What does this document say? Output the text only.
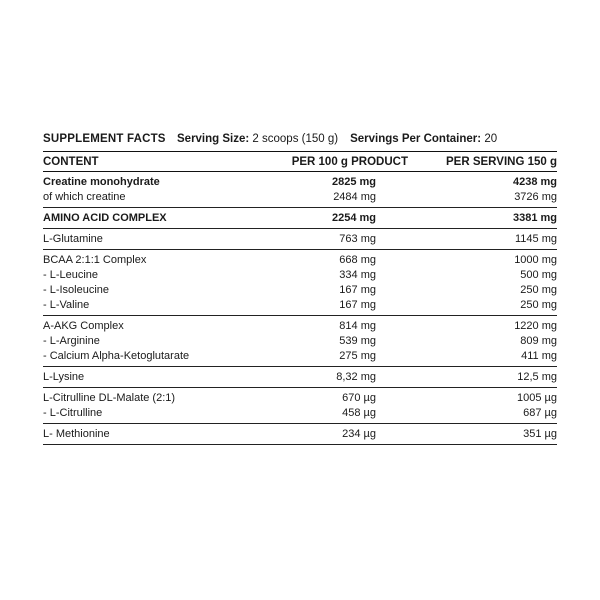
SUPPLEMENT FACTS Serving Size: 2 scoops (150 g) Servings Per Container: 20
CONTENT	PER 100 g PRODUCT	PER SERVING 150 g
Creatine monohydrate	2825 mg	4238 mg
of which creatine	2484 mg	3726 mg
AMINO ACID COMPLEX	2254 mg	3381 mg
L-Glutamine	763 mg	1145 mg
BCAA 2:1:1 Complex	668 mg	1000 mg
- L-Leucine	334 mg	500 mg
- L-Isoleucine	167 mg	250 mg
- L-Valine	167 mg	250 mg
A-AKG Complex	814 mg	1220 mg
- L-Arginine	539 mg	809 mg
- Calcium Alpha-Ketoglutarate	275 mg	411 mg
L-Lysine	8,32 mg	12,5 mg
L-Citrulline DL-Malate (2:1)	670 µg	1005 µg
- L-Citrulline	458 µg	687 µg
L- Methionine	234 µg	351 µg
